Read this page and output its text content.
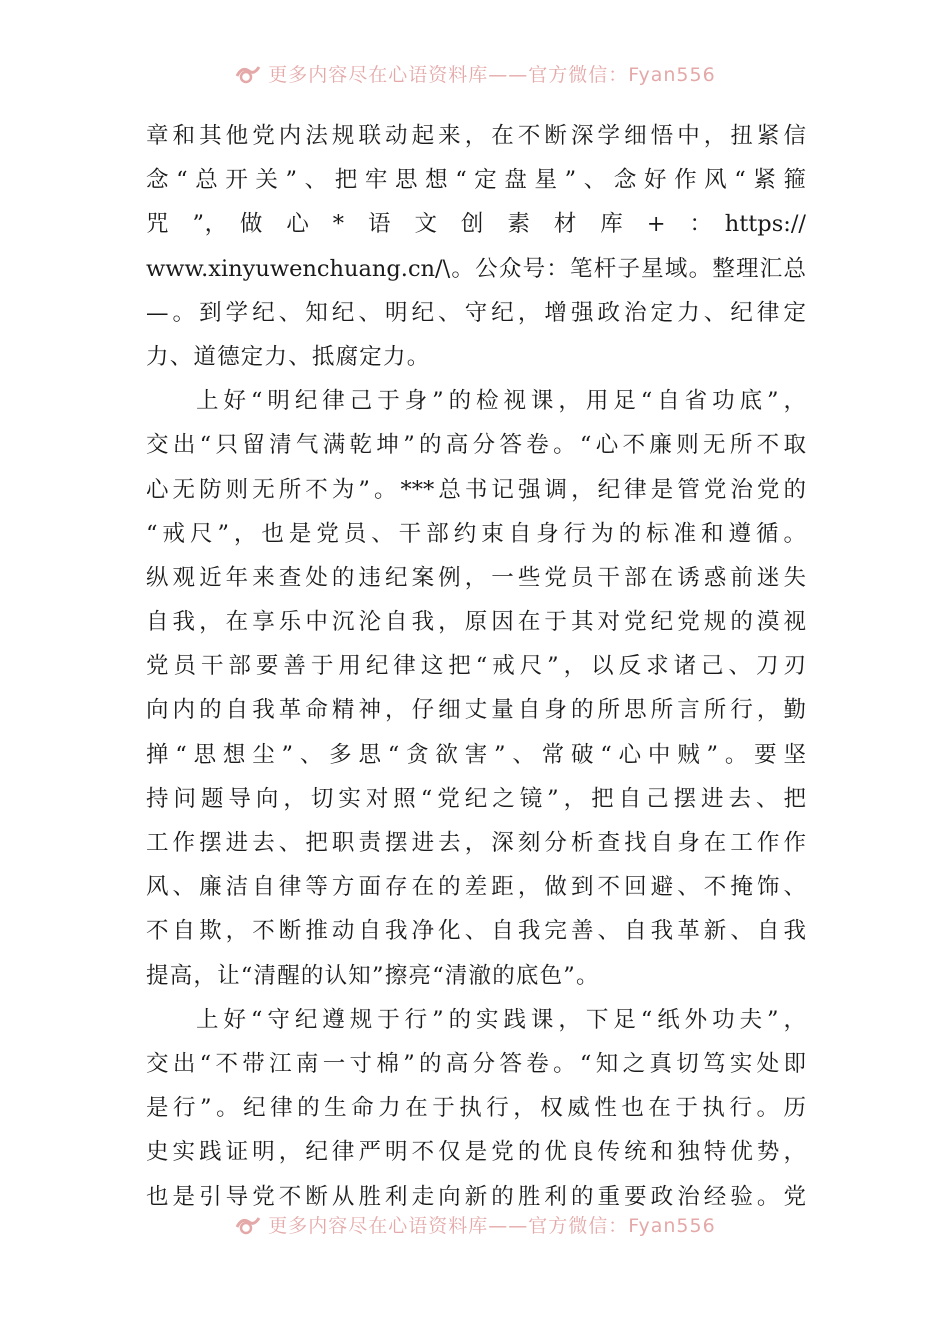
更多内容尽在心语资料库——官方微信：Fyan556
章和其他党内法规联动起来，在不断深学细悟中，扭紧信
念“总开关”、把牢思想“定盘星”、念好作风“紧箍
咒　”，　做　心　*　语　文　创　素　材　库　+　：　https://
www.xinyuwenchuang.cn/\。公众号：笔杆子星域。整理汇总
—。到学纪、知纪、明纪、守纪，增强政治定力、纪律定
力、道德定力、抵腐定力。
上好“明纪律己于身”的检视课，用足“自省功底”，
交出“只留清气满乾坤”的高分答卷。“心不廉则无所不取
心无防则无所不为”。***总书记强调，纪律是管党治党的
“戒尺”，也是党员、干部约束自身行为的标准和遵循。
纵观近年来查处的违纪案例，一些党员干部在诱惑前迷失
自我，在享乐中沉沦自我，原因在于其对党纪党规的漠视
党员干部要善于用纪律这把“戒尺”，以反求诸己、刀刃
向内的自我革命精神，仔细丈量自身的所思所言所行，勤
掸“思想尘”、多思“贪欲害”、常破“心中贼”。要坚
持问题导向，切实对照“党纪之镜”，把自己摆进去、把
工作摆进去、把职责摆进去，深刻分析查找自身在工作作
风、廉洁自律等方面存在的差距，做到不回避、不掩饰、
不自欺，不断推动自我净化、自我完善、自我革新、自我
提高，让“清醒的认知”擦亮“清澈的底色”。
上好“守纪遵规于行”的实践课，下足“纸外功夫”，
交出“不带江南一寸棉”的高分答卷。“知之真切笃实处即
是行”。纪律的生命力在于执行，权威性也在于执行。历
史实践证明，纪律严明不仅是党的优良传统和独特优势，
也是引导党不断从胜利走向新的胜利的重要政治经验。党
更多内容尽在心语资料库——官方微信：Fyan556
